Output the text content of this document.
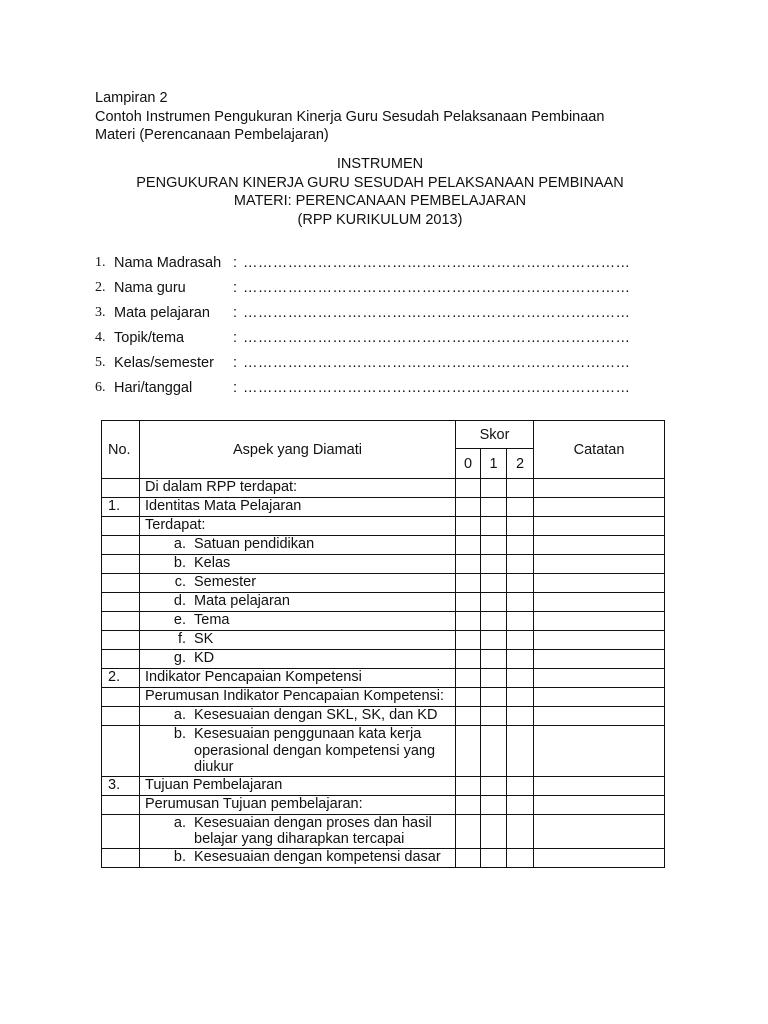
Lampiran 2
Contoh Instrumen Pengukuran Kinerja Guru Sesudah Pelaksanaan Pembinaan
Materi (Perencanaan Pembelajaran)
INSTRUMEN
PENGUKURAN KINERJA GURU SESUDAH PELAKSANAAN PEMBINAAN
MATERI: PERENCANAAN PEMBELAJARAN
(RPP KURIKULUM 2013)
1. Nama Madrasah : ……………………………………………………………………
2. Nama guru	: ……………………………………………………………………
3. Mata pelajaran	: ……………………………………………………………………
4. Topik/tema	: ……………………………………………………………………
5. Kelas/semester	: ……………………………………………………………………
6. Hari/tanggal	: ……………………………………………………………………
No.	Aspek yang Diamati	Skor			Catatan
		0	1	2	
	Di dalam RPP terdapat:				
1.	Identitas Mata Pelajaran				
	Terdapat:				

	a. Satuan pendidikan				

	b. Kelas				

	c. Semester				

	d. Mata pelajaran				

	e. Tema				

	f. SK				

	g. KD				

2.	Indikator Pencapaian Kompetensi				
	Perumusan Indikator Pencapaian Kompetensi:				

	a. Kesesuaian dengan SKL, SK, dan KD				

	b. Kesesuaian penggunaan kata kerja operasional dengan kompetensi yang diukur				

3.	Tujuan Pembelajaran				
	Perumusan Tujuan pembelajaran:				

	a. Kesesuaian dengan proses dan hasil belajar yang diharapkan tercapai				

	b. Kesesuaian dengan kompetensi dasar				
